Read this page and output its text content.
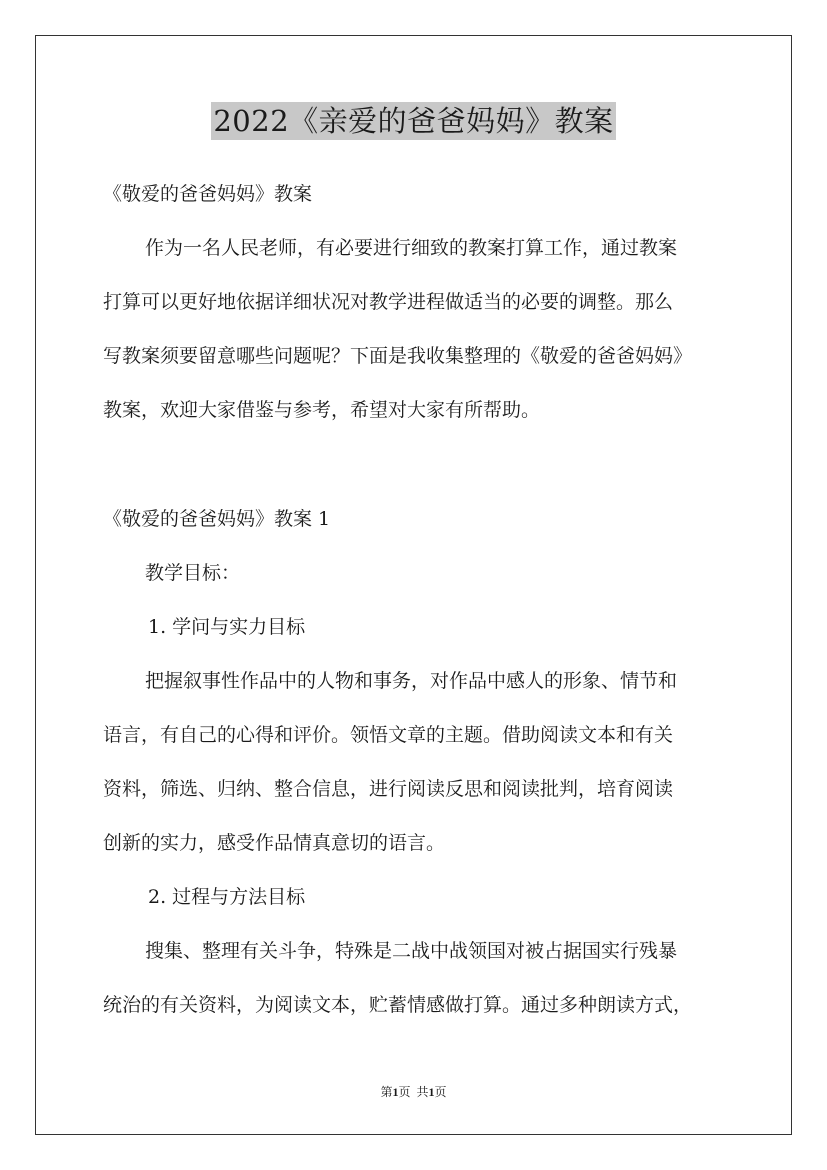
2022《亲爱的爸爸妈妈》教案
《敬爱的爸爸妈妈》教案
作为一名人民老师，有必要进行细致的教案打算工作，通过教案
打算可以更好地依据详细状况对教学进程做适当的必要的调整。那么
写教案须要留意哪些问题呢？下面是我收集整理的《敬爱的爸爸妈妈》
教案，欢迎大家借鉴与参考，希望对大家有所帮助。
《敬爱的爸爸妈妈》教案 1
教学目标：
1. 学问与实力目标
把握叙事性作品中的人物和事务，对作品中感人的形象、情节和
语言，有自己的心得和评价。领悟文章的主题。借助阅读文本和有关
资料，筛选、归纳、整合信息，进行阅读反思和阅读批判，培育阅读
创新的实力，感受作品情真意切的语言。
2. 过程与方法目标
搜集、整理有关斗争，特殊是二战中战领国对被占据国实行残暴
统治的有关资料，为阅读文本，贮蓄情感做打算。通过多种朗读方式，
第1页 共1页
